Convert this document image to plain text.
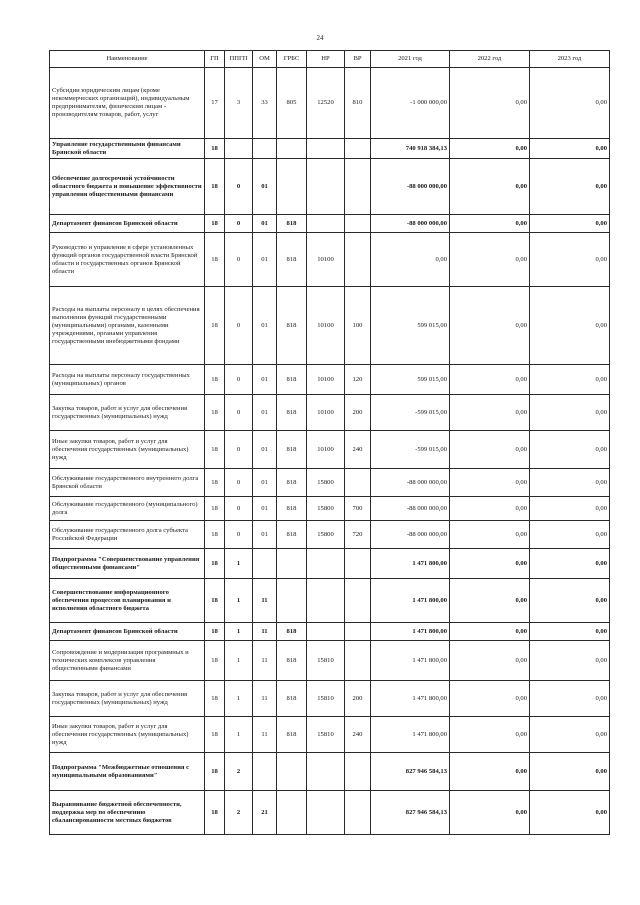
24
Наименование	ГП	ППГП	ОМ	ГРБС	НР	ВР	2021 год	2022 год	2023 год
Субсидии юридическим лицам (кроме некоммерческих организаций), индивидуальным предпринимателям, физическим лицам - производителям товаров, работ, услуг	17	3	33	805	12520	810	-1 000 000,00	0,00	0,00
Управление государственными финансами Брянской области	18						740 918 384,13	0,00	0,00
Обеспечение долгосрочной устойчивости областного бюджета и повышение эффективности управления общественными финансами	18	0	01				-88 000 000,00	0,00	0,00
Департамент финансов Брянской области	18	0	01	818			-88 000 000,00	0,00	0,00
Руководство и управление в сфере установленных функций органов государственной власти Брянской области и государственных органов Брянской области	18	0	01	818	10100		0,00	0,00	0,00
Расходы на выплаты персоналу в целях обеспечения выполнения функций государственными (муниципальными) органами, казенными учреждениями, органами управления государственными внебюджетными фондами	18	0	01	818	10100	100	599 015,00	0,00	0,00
Расходы на выплаты персоналу государственных (муниципальных) органов	18	0	01	818	10100	120	599 015,00	0,00	0,00
Закупка товаров, работ и услуг для обеспечения государственных (муниципальных) нужд	18	0	01	818	10100	200	-599 015,00	0,00	0,00
Иные закупки товаров, работ и услуг для обеспечения государственных (муниципальных) нужд	18	0	01	818	10100	240	-599 015,00	0,00	0,00
Обслуживание государственного внутреннего долга Брянской области	18	0	01	818	15800		-88 000 000,00	0,00	0,00
Обслуживание государственного (муниципального) долга	18	0	01	818	15800	700	-88 000 000,00	0,00	0,00
Обслуживание государственного долга субъекта Российской Федерации	18	0	01	818	15800	720	-88 000 000,00	0,00	0,00
Подпрограмма "Совершенствование управления общественными финансами"	18	1					1 471 800,00	0,00	0,00
Совершенствование информационного обеспечения процессов планирования и исполнения областного бюджета	18	1	11				1 471 800,00	0,00	0,00
Департамент финансов Брянской области	18	1	11	818			1 471 800,00	0,00	0,00
Сопровождение и модернизация программных и технических комплексов управления общественными финансами	18	1	11	818	15810		1 471 800,00	0,00	0,00
Закупка товаров, работ и услуг для обеспечения государственных (муниципальных) нужд	18	1	11	818	15810	200	1 471 800,00	0,00	0,00
Иные закупки товаров, работ и услуг для обеспечения государственных (муниципальных) нужд	18	1	11	818	15810	240	1 471 800,00	0,00	0,00
Подпрограмма "Межбюджетные отношения с муниципальными образованиями"	18	2					827 946 584,13	0,00	0,00
Выравнивание бюджетной обеспеченности, поддержка мер по обеспечению сбалансированности местных бюджетов	18	2	21				827 946 584,13	0,00	0,00
